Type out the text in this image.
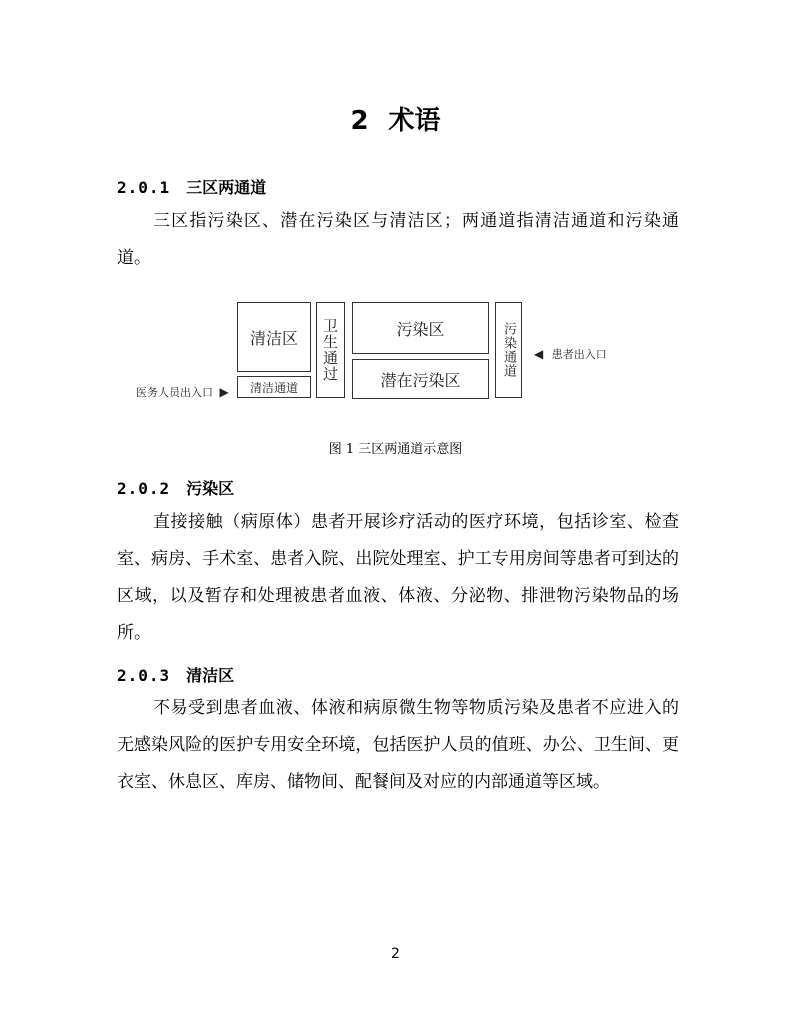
2 术语
2.0.1 三区两通道
三区指污染区、潜在污染区与清洁区；两通道指清洁通道和污染通道。
医务人员出入口 ▶
清洁区
清洁通道
卫生通过	污染区
潜在污染区
污染通道	◀ 患者出入口
图 1 三区两通道示意图
2.0.2 污染区
直接接触（病原体）患者开展诊疗活动的医疗环境，包括诊室、检查室、病房、手术室、患者入院、出院处理室、护工专用房间等患者可到达的区域，以及暂存和处理被患者血液、体液、分泌物、排泄物污染物品的场所。
2.0.3 清洁区
不易受到患者血液、体液和病原微生物等物质污染及患者不应进入的无感染风险的医护专用安全环境，包括医护人员的值班、办公、卫生间、更衣室、休息区、库房、储物间、配餐间及对应的内部通道等区域。
2
